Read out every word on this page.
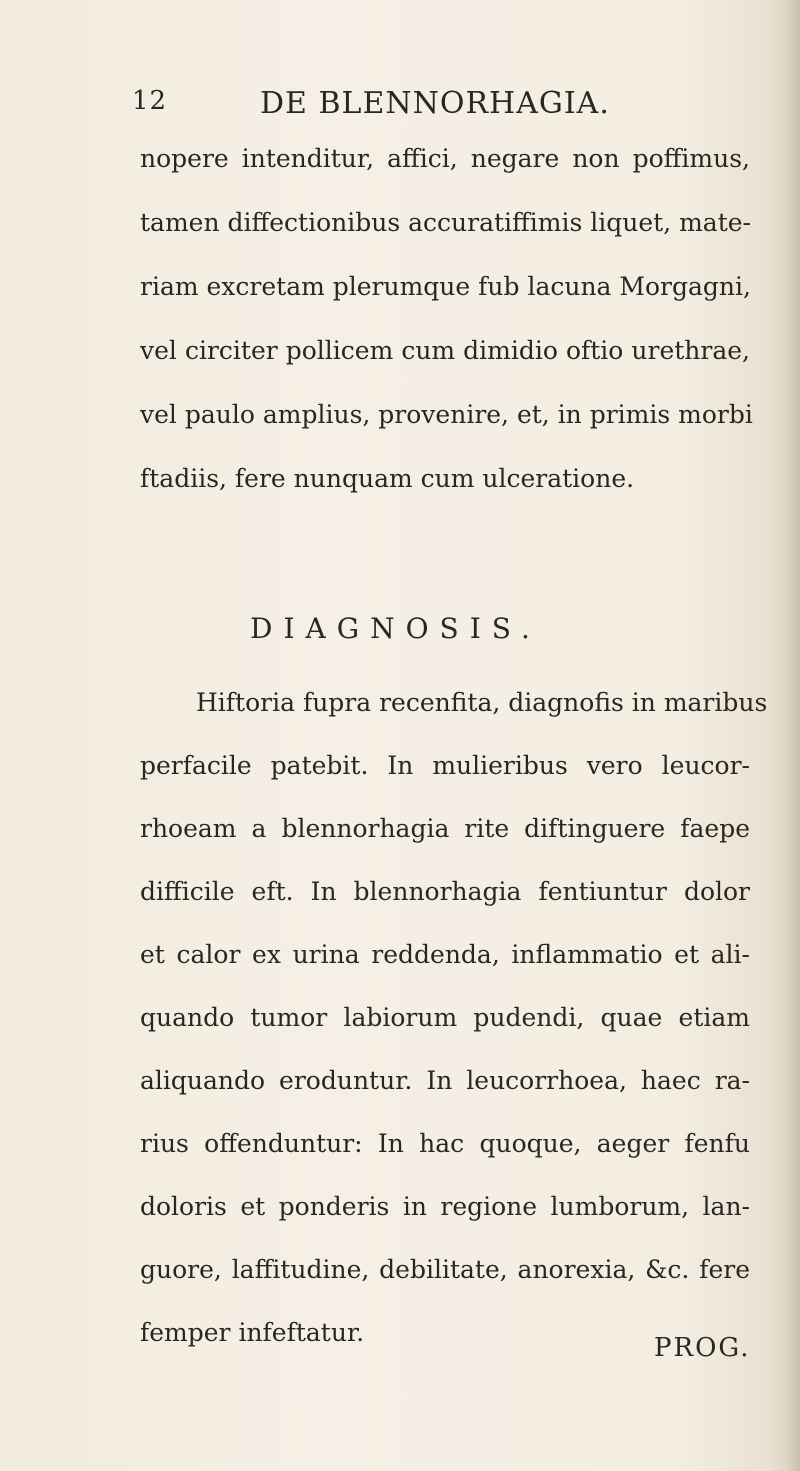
12	DE BLENNORHAGIA.
nopere intenditur, affici, negare non poffimus,
tamen diffectionibus accuratiffimis liquet, mate-
riam excretam plerumque fub lacuna Morgagni,
vel circiter pollicem cum dimidio oftio urethrae,
vel paulo amplius, provenire, et, in primis morbi
ftadiis, fere nunquam cum ulceratione.
DIAGNOSIS.
Hiftoria fupra recenfita, diagnofis in maribus
perfacile patebit. In mulieribus vero leucor-
rhoeam a blennorhagia rite diftinguere faepe
difficile eft. In blennorhagia fentiuntur dolor
et calor ex urina reddenda, inflammatio et ali-
quando tumor labiorum pudendi, quae etiam
aliquando eroduntur. In leucorrhoea, haec ra-
rius offenduntur: In hac quoque, aeger fenfu
doloris et ponderis in regione lumborum, lan-
guore, laffitudine, debilitate, anorexia, &c. fere
femper infeftatur.
PROG.
